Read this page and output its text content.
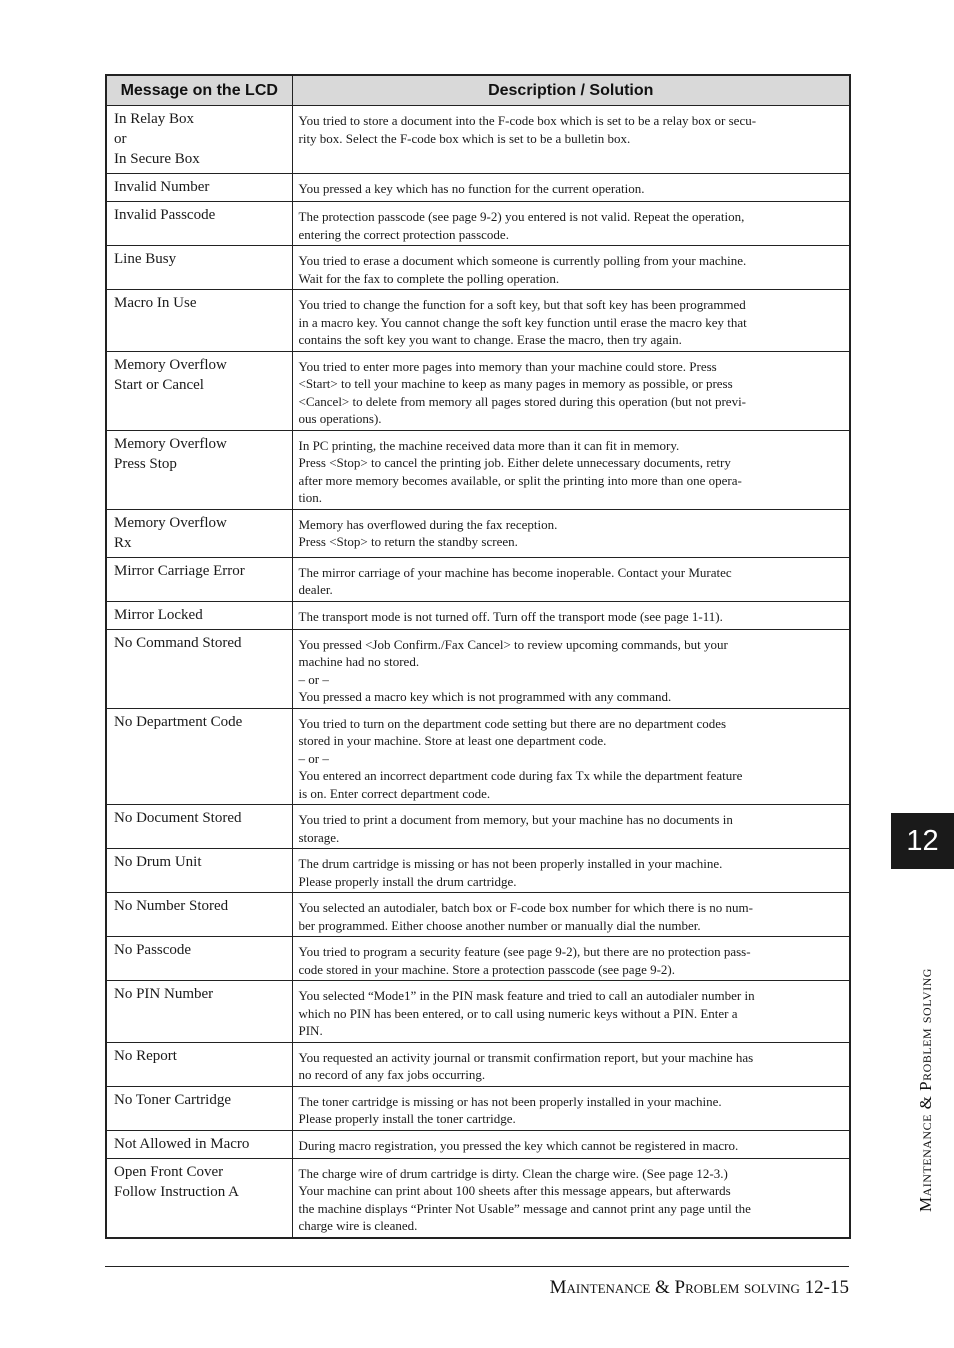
Message on the LCD	Description / Solution

In Relay Box
or
In Secure Box	You tried to store a document into the F-code box which is set to be a relay box or secu-
rity box. Select the F-code box which is set to be a bulletin box.

Invalid Number	You pressed a key which has no function for the current operation.

Invalid Passcode	The protection passcode (see page 9-2) you entered is not valid. Repeat the operation,
entering the correct protection passcode.

Line Busy	You tried to erase a document which someone is currently polling from your machine.
Wait for the fax to complete the polling operation.

Macro In Use	You tried to change the function for a soft key, but that soft key has been programmed
in a macro key. You cannot change the soft key function until erase the macro key that
contains the soft key you want to change. Erase the macro, then try again.

Memory Overflow
Start or Cancel	You tried to enter more pages into memory than your machine could store. Press
<Start> to tell your machine to keep as many pages in memory as possible, or press
<Cancel> to delete from memory all pages stored during this operation (but not previ-
ous operations).

Memory Overflow
Press Stop	In PC printing, the machine received data more than it can fit in memory.
Press <Stop> to cancel the printing job. Either delete unnecessary documents, retry
after more memory becomes available, or split the printing into more than one opera-
tion.

Memory Overflow
Rx	Memory has overflowed during the fax reception.
Press <Stop> to return the standby screen.

Mirror Carriage Error	The mirror carriage of your machine has become inoperable. Contact your Muratec
dealer.

Mirror Locked	The transport mode is not turned off. Turn off the transport mode (see page 1-11).

No Command Stored	You pressed <Job Confirm./Fax Cancel> to review upcoming commands, but your
machine had no stored.
– or –
You pressed a macro key which is not programmed with any command.

No Department Code	You tried to turn on the department code setting but there are no department codes
stored in your machine. Store at least one department code.
– or –
You entered an incorrect department code during fax Tx while the department feature
is on. Enter correct department code.

No Document Stored	You tried to print a document from memory, but your machine has no documents in
storage.

No Drum Unit	The drum cartridge is missing or has not been properly installed in your machine.
Please properly install the drum cartridge.

No Number Stored	You selected an autodialer, batch box or F-code box number for which there is no num-
ber programmed. Either choose another number or manually dial the number.

No Passcode	You tried to program a security feature (see page 9-2), but there are no protection pass-
code stored in your machine. Store a protection passcode (see page 9-2).

No PIN Number	You selected “Mode1” in the PIN mask feature and tried to call an autodialer number in
which no PIN has been entered, or to call using numeric keys without a PIN. Enter a
PIN.

No Report	You requested an activity journal or transmit confirmation report, but your machine has
no record of any fax jobs occurring.

No Toner Cartridge	The toner cartridge is missing or has not been properly installed in your machine.
Please properly install the toner cartridge.

Not Allowed in Macro	During macro registration, you pressed the key which cannot be registered in macro.

Open Front Cover
Follow Instruction A	The charge wire of drum cartridge is dirty. Clean the charge wire. (See page 12-3.)
Your machine can print about 100 sheets after this message appears, but afterwards
the machine displays “Printer Not Usable” message and cannot print any page until the
charge wire is cleaned.
12
Maintenance & Problem solving
Maintenance & Problem solving 12-15
